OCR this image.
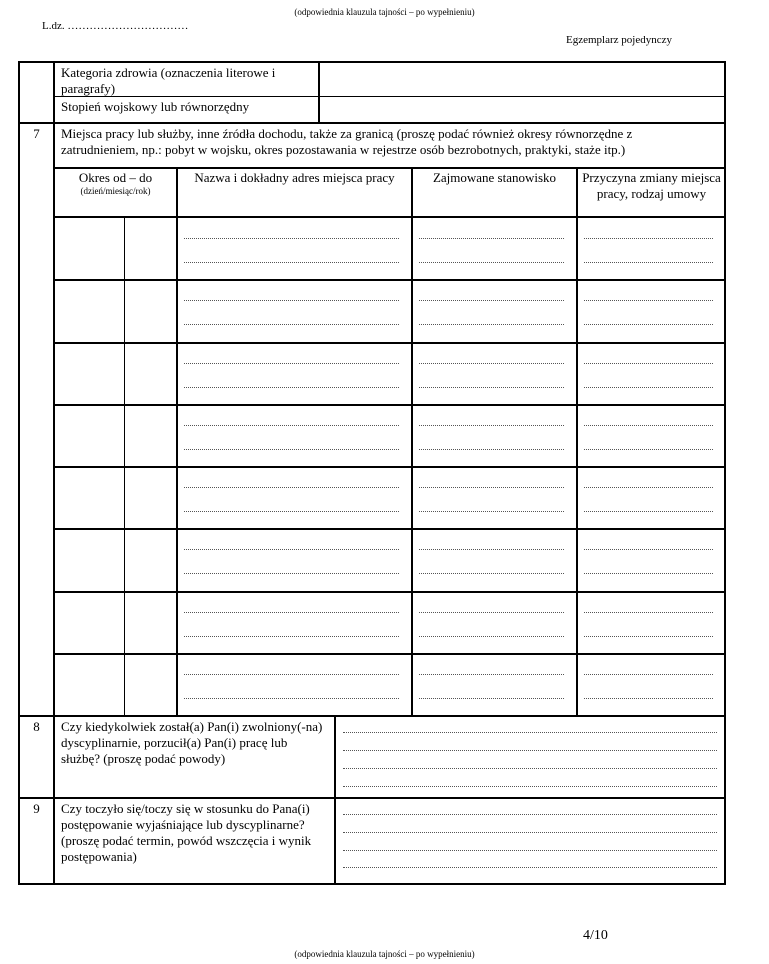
(odpowiednia klauzula tajności – po wypełnieniu)
L.dz. ……………………………
Egzemplarz pojedynczy
Kategoria zdrowia (oznaczenia literowe i paragrafy)
Stopień wojskowy lub równorzędny
7	Miejsca pracy lub służby, inne źródła dochodu, także za granicą (proszę podać również okresy równorzędne z zatrudnieniem, np.: pobyt w wojsku, okres pozostawania w rejestrze osób bezrobotnych, praktyki, staże itp.)
Okres od – do
(dzień/miesiąc/rok)
Nazwa i dokładny adres miejsca pracy	Zajmowane stanowisko	Przyczyna zmiany miejsca pracy, rodzaj umowy
8	Czy kiedykolwiek został(a) Pan(i) zwolniony(-na) dyscyplinarnie, porzucił(a) Pan(i) pracę lub służbę? (proszę podać powody)
9	Czy toczyło się/toczy się w stosunku do Pana(i) postępowanie wyjaśniające lub dyscyplinarne? (proszę podać termin, powód wszczęcia i wynik postępowania)
4/10
(odpowiednia klauzula tajności – po wypełnieniu)
